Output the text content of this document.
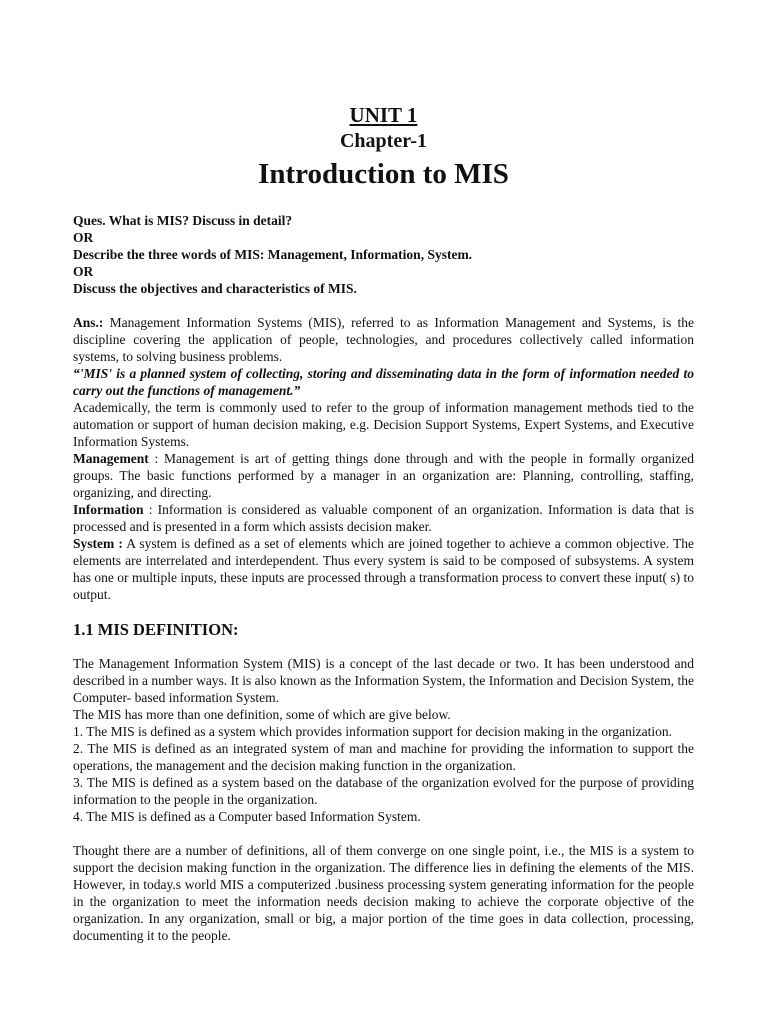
UNIT 1
Chapter-1
Introduction to MIS
Ques. What is MIS? Discuss in detail?
OR
Describe the three words of MIS: Management, Information, System.
OR
Discuss the objectives and characteristics of MIS.

Ans.: Management Information Systems (MIS), referred to as Information Management and Systems, is the discipline covering the application of people, technologies, and procedures collectively called information systems, to solving business problems.

“'MIS' is a planned system of collecting, storing and disseminating data in the form of information needed to carry out the functions of management.”

Academically, the term is commonly used to refer to the group of information management methods tied to the automation or support of human decision making, e.g. Decision Support Systems, Expert Systems, and Executive Information Systems.

Management : Management is art of getting things done through and with the people in formally organized groups. The basic functions performed by a manager in an organization are: Planning, controlling, staffing, organizing, and directing.

Information : Information is considered as valuable component of an organization. Information is data that is processed and is presented in a form which assists decision maker.

System : A system is defined as a set of elements which are joined together to achieve a common objective. The elements are interrelated and interdependent. Thus every system is said to be composed of subsystems. A system has one or multiple inputs, these inputs are processed through a transformation process to convert these input( s) to output.

1.1 MIS DEFINITION:

The Management Information System (MIS) is a concept of the last decade or two. It has been understood and described in a number ways. It is also known as the Information System, the Information and Decision System, the Computer- based information System.

The MIS has more than one definition, some of which are give below.

1. The MIS is defined as a system which provides information support for decision making in the organization.

2. The MIS is defined as an integrated system of man and machine for providing the information to support the operations, the management and the decision making function in the organization.

3. The MIS is defined as a system based on the database of the organization evolved for the purpose of providing information to the people in the organization.

4. The MIS is defined as a Computer based Information System.

Thought there are a number of definitions, all of them converge on one single point, i.e., the MIS is a system to support the decision making function in the organization. The difference lies in defining the elements of the MIS. However, in today.s world MIS a computerized .business processing system generating information for the people in the organization to meet the information needs decision making to achieve the corporate objective of the organization. In any organization, small or big, a major portion of the time goes in data collection, processing, documenting it to the people.
